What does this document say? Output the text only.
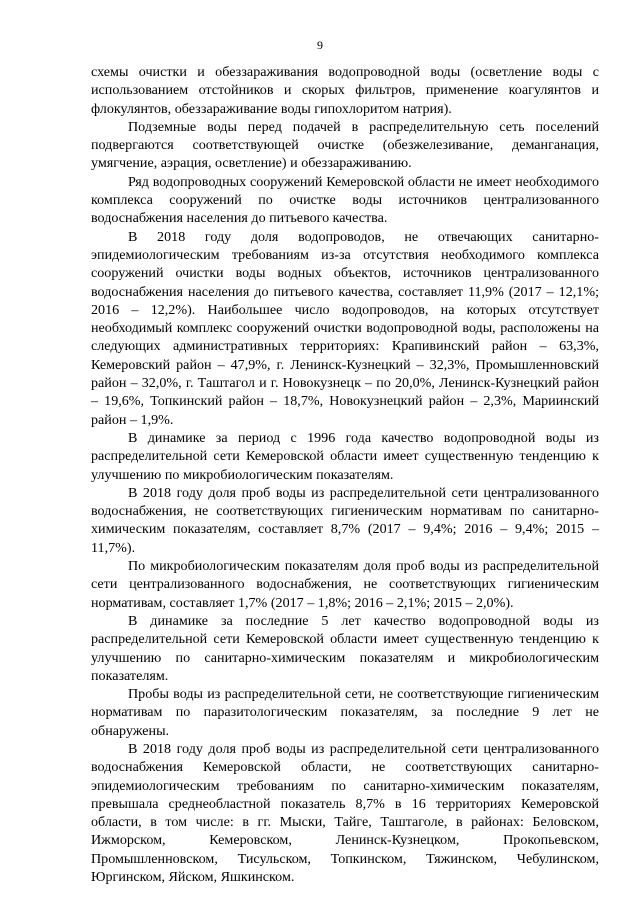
9

схемы очистки и обеззараживания водопроводной воды (осветление воды с использованием отстойников и скорых фильтров, применение коагулянтов и флокулянтов, обеззараживание воды гипохлоритом натрия).

Подземные воды перед подачей в распределительную сеть поселений подвергаются соответствующей очистке (обезжелезивание, деманганация, умягчение, аэрация, осветление) и обеззараживанию.

Ряд водопроводных сооружений Кемеровской области не имеет необходимого комплекса сооружений по очистке воды источников централизованного водоснабжения населения до питьевого качества.

В 2018 году доля водопроводов, не отвечающих санитарно-эпидемиологическим требованиям из-за отсутствия необходимого комплекса сооружений очистки воды водных объектов, источников централизованного водоснабжения населения до питьевого качества, составляет 11,9% (2017 – 12,1%; 2016 – 12,2%). Наибольшее число водопроводов, на которых отсутствует необходимый комплекс сооружений очистки водопроводной воды, расположены на следующих административных территориях: Крапивинский район – 63,3%, Кемеровский район – 47,9%, г. Ленинск-Кузнецкий – 32,3%, Промышленновский район – 32,0%, г. Таштагол и г. Новокузнецк – по 20,0%, Ленинск-Кузнецкий район – 19,6%, Топкинский район – 18,7%, Новокузнецкий район – 2,3%, Мариинский район – 1,9%.

В динамике за период с 1996 года качество водопроводной воды из распределительной сети Кемеровской области имеет существенную тенденцию к улучшению по микробиологическим показателям.

В 2018 году доля проб воды из распределительной сети централизованного водоснабжения, не соответствующих гигиеническим нормативам по санитарно-химическим показателям, составляет 8,7% (2017 – 9,4%; 2016 – 9,4%; 2015 – 11,7%).

По микробиологическим показателям доля проб воды из распределительной сети централизованного водоснабжения, не соответствующих гигиеническим нормативам, составляет 1,7% (2017 – 1,8%; 2016 – 2,1%; 2015 – 2,0%).

В динамике за последние 5 лет качество водопроводной воды из распределительной сети Кемеровской области имеет существенную тенденцию к улучшению по санитарно-химическим показателям и микробиологическим показателям.

Пробы воды из распределительной сети, не соответствующие гигиеническим нормативам по паразитологическим показателям, за последние 9 лет не обнаружены.

В 2018 году доля проб воды из распределительной сети централизованного водоснабжения Кемеровской области, не соответствующих санитарно-эпидемиологическим требованиям по санитарно-химическим показателям, превышала среднеобластной показатель 8,7% в 16 территориях Кемеровской области, в том числе: в гг. Мыски, Тайге, Таштаголе, в районах: Беловском, Ижморском, Кемеровском, Ленинск-Кузнецком, Прокопьевском, Промышленновском, Тисульском, Топкинском, Тяжинском, Чебулинском, Юргинском, Яйском, Яшкинском.
